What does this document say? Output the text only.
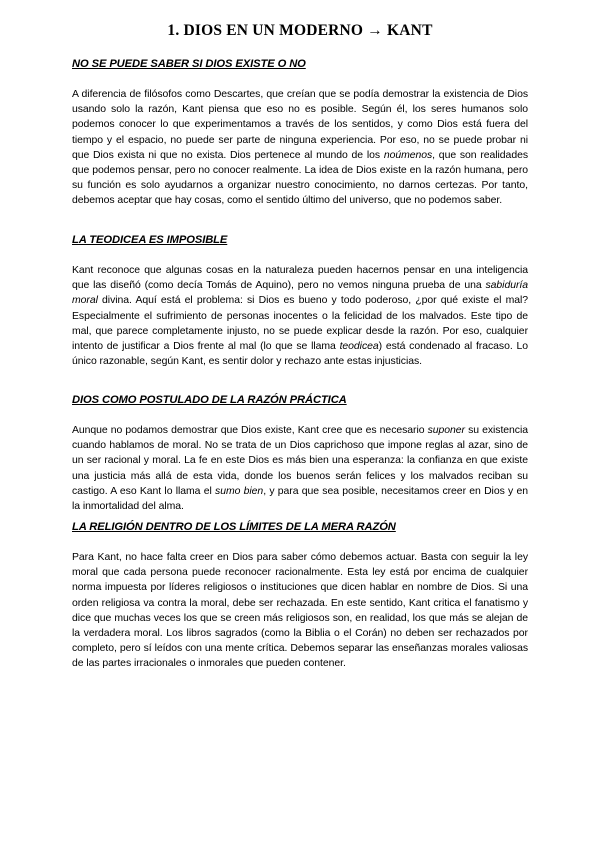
1. DIOS EN UN MODERNO → KANT
NO SE PUEDE SABER SI DIOS EXISTE O NO

A diferencia de filósofos como Descartes, que creían que se podía demostrar la existencia de Dios usando solo la razón, Kant piensa que eso no es posible. Según él, los seres humanos solo podemos conocer lo que experimentamos a través de los sentidos, y como Dios está fuera del tiempo y el espacio, no puede ser parte de ninguna experiencia. Por eso, no se puede probar ni que Dios exista ni que no exista. Dios pertenece al mundo de los noúmenos, que son realidades que podemos pensar, pero no conocer realmente. La idea de Dios existe en la razón humana, pero su función es solo ayudarnos a organizar nuestro conocimiento, no darnos certezas. Por tanto, debemos aceptar que hay cosas, como el sentido último del universo, que no podemos saber.

LA TEODICEA ES IMPOSIBLE

Kant reconoce que algunas cosas en la naturaleza pueden hacernos pensar en una inteligencia que las diseñó (como decía Tomás de Aquino), pero no vemos ninguna prueba de una sabiduría moral divina. Aquí está el problema: si Dios es bueno y todo poderoso, ¿por qué existe el mal? Especialmente el sufrimiento de personas inocentes o la felicidad de los malvados. Este tipo de mal, que parece completamente injusto, no se puede explicar desde la razón. Por eso, cualquier intento de justificar a Dios frente al mal (lo que se llama teodicea) está condenado al fracaso. Lo único razonable, según Kant, es sentir dolor y rechazo ante estas injusticias.

DIOS COMO POSTULADO DE LA RAZÓN PRÁCTICA

Aunque no podamos demostrar que Dios existe, Kant cree que es necesario suponer su existencia cuando hablamos de moral. No se trata de un Dios caprichoso que impone reglas al azar, sino de un ser racional y moral. La fe en este Dios es más bien una esperanza: la confianza en que existe una justicia más allá de esta vida, donde los buenos serán felices y los malvados reciban su castigo. A eso Kant lo llama el sumo bien, y para que sea posible, necesitamos creer en Dios y en la inmortalidad del alma.

LA RELIGIÓN DENTRO DE LOS LÍMITES DE LA MERA RAZÓN

Para Kant, no hace falta creer en Dios para saber cómo debemos actuar. Basta con seguir la ley moral que cada persona puede reconocer racionalmente. Esta ley está por encima de cualquier norma impuesta por líderes religiosos o instituciones que dicen hablar en nombre de Dios. Si una orden religiosa va contra la moral, debe ser rechazada. En este sentido, Kant critica el fanatismo y dice que muchas veces los que se creen más religiosos son, en realidad, los que más se alejan de la verdadera moral. Los libros sagrados (como la Biblia o el Corán) no deben ser rechazados por completo, pero sí leídos con una mente crítica. Debemos separar las enseñanzas morales valiosas de las partes irracionales o inmorales que pueden contener.
